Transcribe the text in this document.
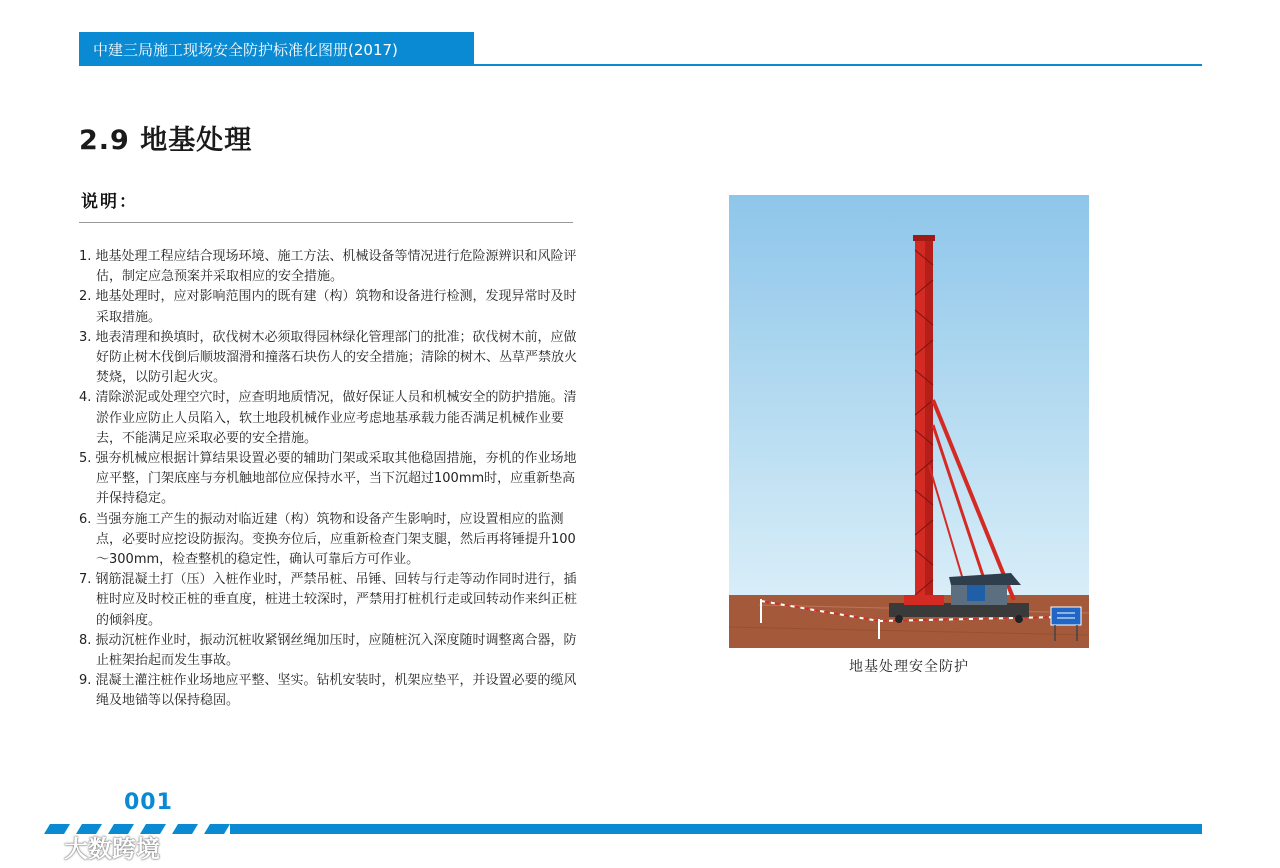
中建三局施工现场安全防护标准化图册(2017)
2.9 地基处理
说明：
1. 地基处理工程应结合现场环境、施工方法、机械设备等情况进行危险源辨识和风险评估，制定应急预案并采取相应的安全措施。
2. 地基处理时，应对影响范围内的既有建（构）筑物和设备进行检测，发现异常时及时采取措施。
3. 地表清理和换填时，砍伐树木必须取得园林绿化管理部门的批准；砍伐树木前，应做好防止树木伐倒后顺坡溜滑和撞落石块伤人的安全措施；清除的树木、丛草严禁放火焚烧，以防引起火灾。
4. 清除淤泥或处理空穴时，应查明地质情况，做好保证人员和机械安全的防护措施。清淤作业应防止人员陷入，软土地段机械作业应考虑地基承载力能否满足机械作业要去，不能满足应采取必要的安全措施。
5. 强夯机械应根据计算结果设置必要的辅助门架或采取其他稳固措施，夯机的作业场地应平整，门架底座与夯机触地部位应保持水平，当下沉超过100mm时，应重新垫高并保持稳定。
6. 当强夯施工产生的振动对临近建（构）筑物和设备产生影响时，应设置相应的监测点，必要时应挖设防振沟。变换夯位后，应重新检查门架支腿，然后再将锤提升100～300mm，检查整机的稳定性，确认可靠后方可作业。
7. 钢筋混凝土打（压）入桩作业时，严禁吊桩、吊锤、回转与行走等动作同时进行，插桩时应及时校正桩的垂直度，桩进土较深时，严禁用打桩机行走或回转动作来纠正桩的倾斜度。
8. 振动沉桩作业时，振动沉桩收紧钢丝绳加压时，应随桩沉入深度随时调整离合器，防止桩架抬起而发生事故。
9. 混凝土灌注桩作业场地应平整、坚实。钻机安装时，机架应垫平，并设置必要的缆风绳及地锚等以保持稳固。
地基处理安全防护
001
大数跨境
